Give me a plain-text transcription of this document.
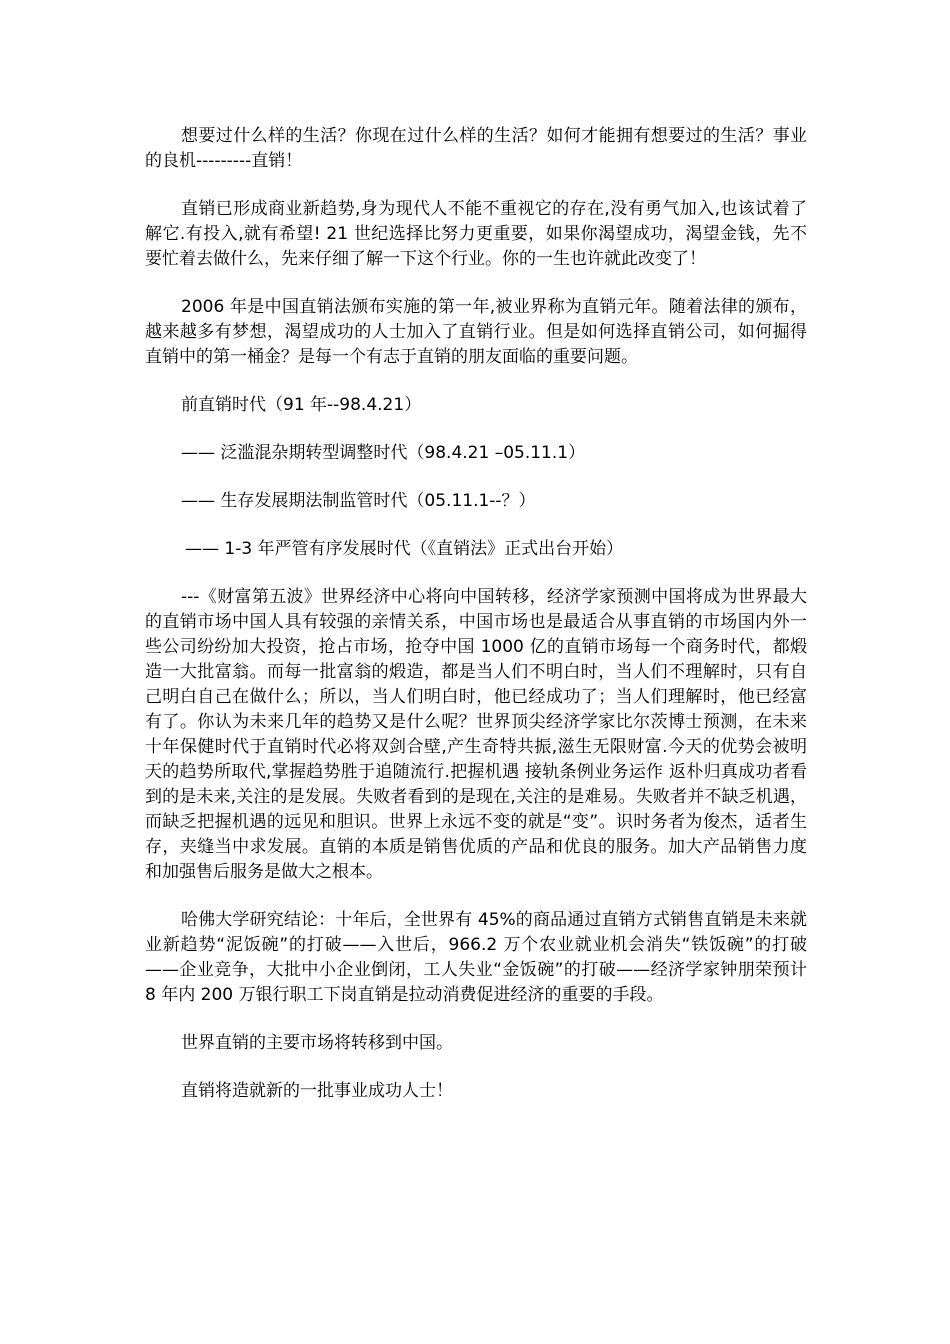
想要过什么样的生活？你现在过什么样的生活？如何才能拥有想要过的生活？事业的良机---------直销！

直销已形成商业新趋势,身为现代人不能不重视它的存在,没有勇气加入,也该试着了解它.有投入,就有希望! 21 世纪选择比努力更重要，如果你渴望成功，渴望金钱，先不要忙着去做什么，先来仔细了解一下这个行业。你的一生也许就此改变了！

2006 年是中国直销法颁布实施的第一年,被业界称为直销元年。随着法律的颁布，越来越多有梦想，渴望成功的人士加入了直销行业。但是如何选择直销公司，如何掘得直销中的第一桶金？是每一个有志于直销的朋友面临的重要问题。

前直销时代（91 年--98.4.21）

—— 泛滥混杂期转型调整时代（98.4.21 –05.11.1）

—— 生存发展期法制监管时代（05.11.1--？）

—— 1-3 年严管有序发展时代（《直销法》正式出台开始）

---《财富第五波》世界经济中心将向中国转移，经济学家预测中国将成为世界最大的直销市场中国人具有较强的亲情关系，中国市场也是最适合从事直销的市场国内外一些公司纷纷加大投资，抢占市场，抢夺中国 1000 亿的直销市场每一个商务时代，都煅造一大批富翁。而每一批富翁的煅造，都是当人们不明白时，当人们不理解时，只有自己明白自己在做什么；所以，当人们明白时，他已经成功了；当人们理解时，他已经富有了。你认为未来几年的趋势又是什么呢？世界顶尖经济学家比尔茨博士预测，在未来十年保健时代于直销时代必将双剑合壁,产生奇特共振,滋生无限财富.今天的优势会被明天的趋势所取代,掌握趋势胜于追随流行.把握机遇 接轨条例业务运作 返朴归真成功者看到的是未来,关注的是发展。失败者看到的是现在,关注的是难易。失败者并不缺乏机遇，而缺乏把握机遇的远见和胆识。世界上永远不变的就是“变”。识时务者为俊杰，适者生存，夹缝当中求发展。直销的本质是销售优质的产品和优良的服务。加大产品销售力度和加强售后服务是做大之根本。

哈佛大学研究结论：十年后，全世界有 45%的商品通过直销方式销售直销是未来就业新趋势“泥饭碗”的打破——入世后，966.2 万个农业就业机会消失“铁饭碗”的打破——企业竞争，大批中小企业倒闭，工人失业“金饭碗”的打破——经济学家钟朋荣预计 8 年内 200 万银行职工下岗直销是拉动消费促进经济的重要的手段。

世界直销的主要市场将转移到中国。

直销将造就新的一批事业成功人士！
